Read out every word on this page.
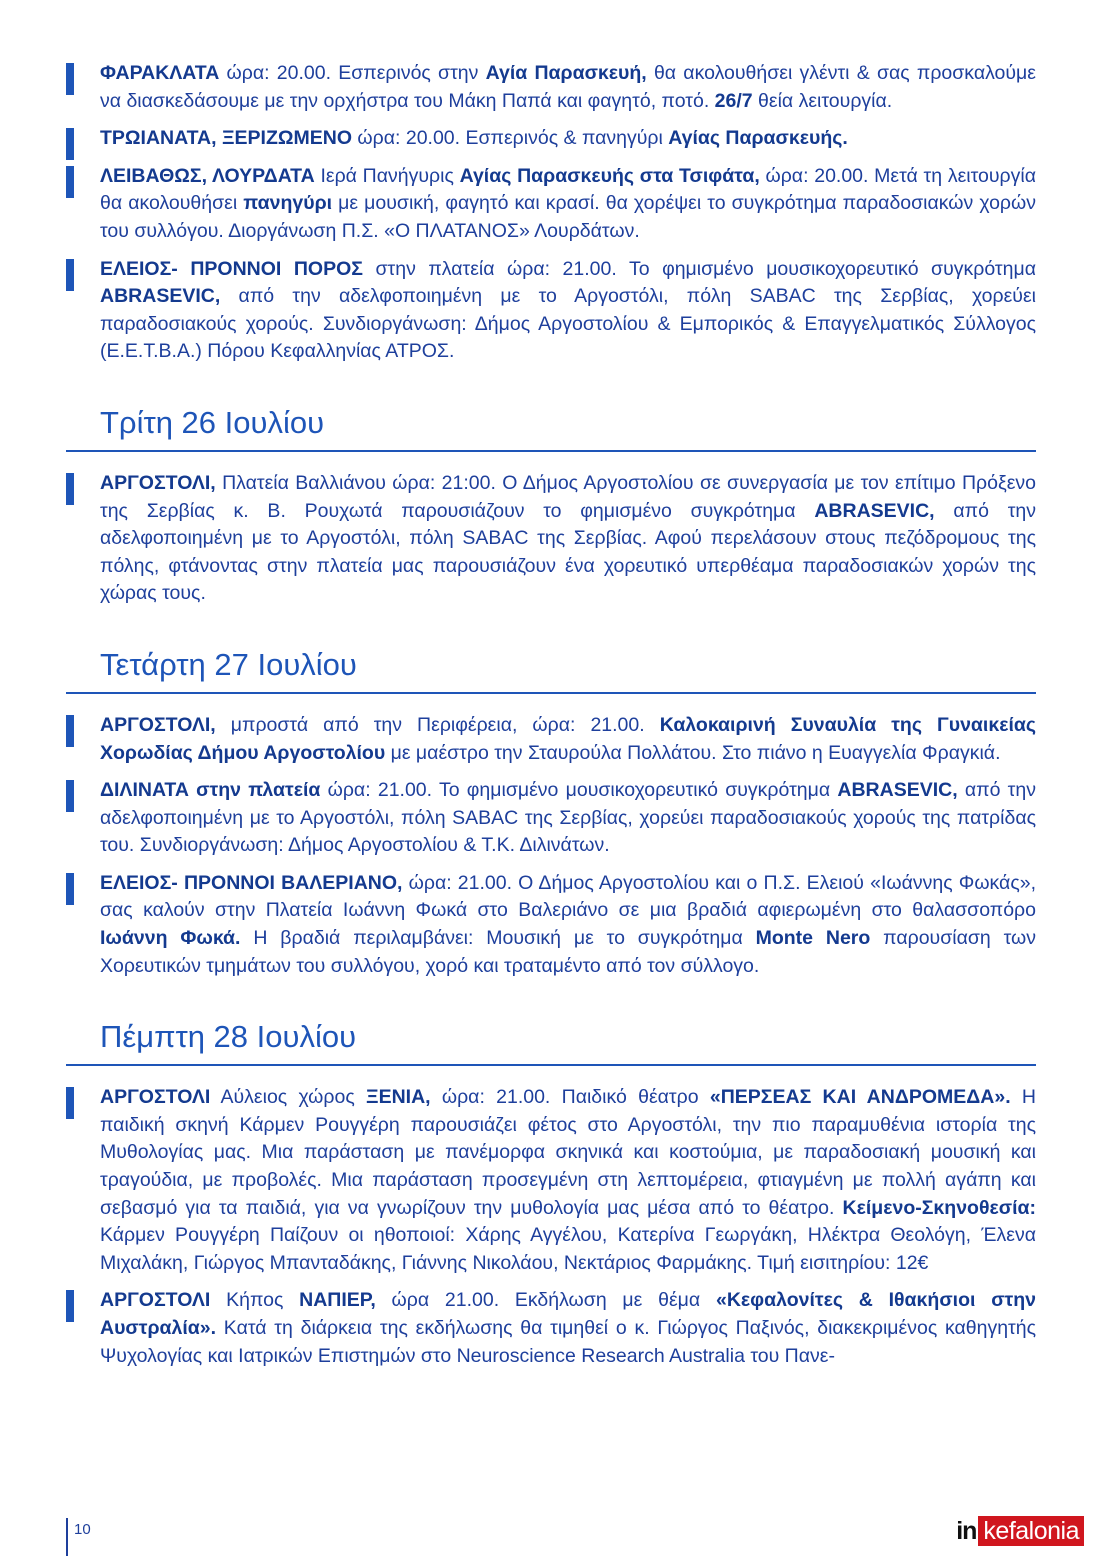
ΦΑΡΑΚΛΑΤΑ ώρα: 20.00. Εσπερινός στην Αγία Παρασκευή, θα ακολουθήσει γλέντι & σας προσκαλούμε να διασκεδάσουμε με την ορχήστρα του Μάκη Παπά και φαγητό, ποτό. 26/7 θεία λειτουργία.
ΤΡΩΙΑΝΑΤΑ, ΞΕΡΙΖΩΜΕΝΟ ώρα: 20.00. Εσπερινός & πανηγύρι Αγίας Παρασκευής.
ΛΕΙΒΑΘΩΣ, ΛΟΥΡΔΑΤΑ Ιερά Πανήγυρις Αγίας Παρασκευής στα Τσιφάτα, ώρα: 20.00. Μετά τη λειτουργία θα ακολουθήσει πανηγύρι με μουσική, φαγητό και κρασί. θα χορέψει το συγκρότημα παραδοσιακών χορών του συλλόγου. Διοργάνωση Π.Σ. «Ο ΠΛΑΤΑΝΟΣ» Λουρδάτων.
ΕΛΕΙΟΣ- ΠΡΟΝΝΟΙ ΠΟΡΟΣ στην πλατεία ώρα: 21.00. Το φημισμένο μουσικοχορευτικό συγκρότημα ABRASEVIC, από την αδελφοποιημένη με το Αργοστόλι, πόλη SABAC της Σερβίας, χορεύει παραδοσιακούς χορούς. Συνδιοργάνωση: Δήμος Αργοστολίου & Εμπορικός & Επαγγελματικός Σύλλογος (Ε.Ε.Τ.Β.Α.) Πόρου Κεφαλληνίας ΑΤΡΟΣ.
Τρίτη 26 Ιουλίου
ΑΡΓΟΣΤΟΛΙ, Πλατεία Βαλλιάνου ώρα: 21:00. Ο Δήμος Αργοστολίου σε συνεργασία με τον επίτιμο Πρόξενο της Σερβίας κ. Β. Ρουχωτά παρουσιάζουν το φημισμένο συγκρότημα ABRASEVIC, από την αδελφοποιημένη με το Αργοστόλι, πόλη SABAC της Σερβίας. Αφού περελάσουν στους πεζόδρομους της πόλης, φτάνοντας στην πλατεία μας παρουσιάζουν ένα χορευτικό υπερθέαμα παραδοσιακών χορών της χώρας τους.
Τετάρτη 27 Ιουλίου
ΑΡΓΟΣΤΟΛΙ, μπροστά από την Περιφέρεια, ώρα: 21.00. Καλοκαιρινή Συναυλία της Γυναικείας Χορωδίας Δήμου Αργοστολίου με μαέστρο την Σταυρούλα Πολλάτου. Στο πιάνο η Ευαγγελία Φραγκιά.
ΔΙΛΙΝΑΤΑ στην πλατεία ώρα: 21.00. Το φημισμένο μουσικοχορευτικό συγκρότημα ABRASEVIC, από την αδελφοποιημένη με το Αργοστόλι, πόλη SABAC της Σερβίας, χορεύει παραδοσιακούς χορούς της πατρίδας του. Συνδιοργάνωση: Δήμος Αργοστολίου & Τ.Κ. Διλινάτων.
ΕΛΕΙΟΣ- ΠΡΟΝΝΟΙ ΒΑΛΕΡΙΑΝΟ, ώρα: 21.00. Ο Δήμος Αργοστολίου και ο Π.Σ. Ελειού «Ιωάννης Φωκάς», σας καλούν στην Πλατεία Ιωάννη Φωκά στο Βαλεριάνο σε μια βραδιά αφιερωμένη στο θαλασσοπόρο Ιωάννη Φωκά. Η βραδιά περιλαμβάνει: Μουσική με το συγκρότημα Monte Nero παρουσίαση των Χορευτικών τμημάτων του συλλόγου, χορό και τραταμέντο από τον σύλλογο.
Πέμπτη 28 Ιουλίου
ΑΡΓΟΣΤΟΛΙ Αύλειος χώρος ΞΕΝΙΑ, ώρα: 21.00. Παιδικό θέατρο «ΠΕΡΣΕΑΣ ΚΑΙ ΑΝΔΡΟΜΕΔΑ». Η παιδική σκηνή Κάρμεν Ρουγγέρη παρουσιάζει φέτος στο Αργοστόλι, την πιο παραμυθένια ιστορία της Μυθολογίας μας. Μια παράσταση με πανέμορφα σκηνικά και κοστούμια, με παραδοσιακή μουσική και τραγούδια, με προβολές. Μια παράσταση προσεγμένη στη λεπτομέρεια, φτιαγμένη με πολλή αγάπη και σεβασμό για τα παιδιά, για να γνωρίζουν την μυθολογία μας μέσα από το θέατρο. Κείμενο-Σκηνοθεσία: Κάρμεν Ρουγγέρη Παίζουν οι ηθοποιοί: Χάρης Αγγέλου, Κατερίνα Γεωργάκη, Ηλέκτρα Θεολόγη, Έλενα Μιχαλάκη, Γιώργος Μπανταδάκης, Γιάννης Νικολάου, Νεκτάριος Φαρμάκης. Τιμή εισιτηρίου: 12€
ΑΡΓΟΣΤΟΛΙ Κήπος ΝΑΠΙΕΡ, ώρα 21.00. Εκδήλωση με θέμα «Κεφαλονίτες & Ιθακήσιοι στην Αυστραλία». Κατά τη διάρκεια της εκδήλωσης θα τιμηθεί ο κ. Γιώργος Παξινός, διακεκριμένος καθηγητής Ψυχολογίας και Ιατρικών Επιστημών στο Neuroscience Research Australia του Πανε-
10	in kefalonia
